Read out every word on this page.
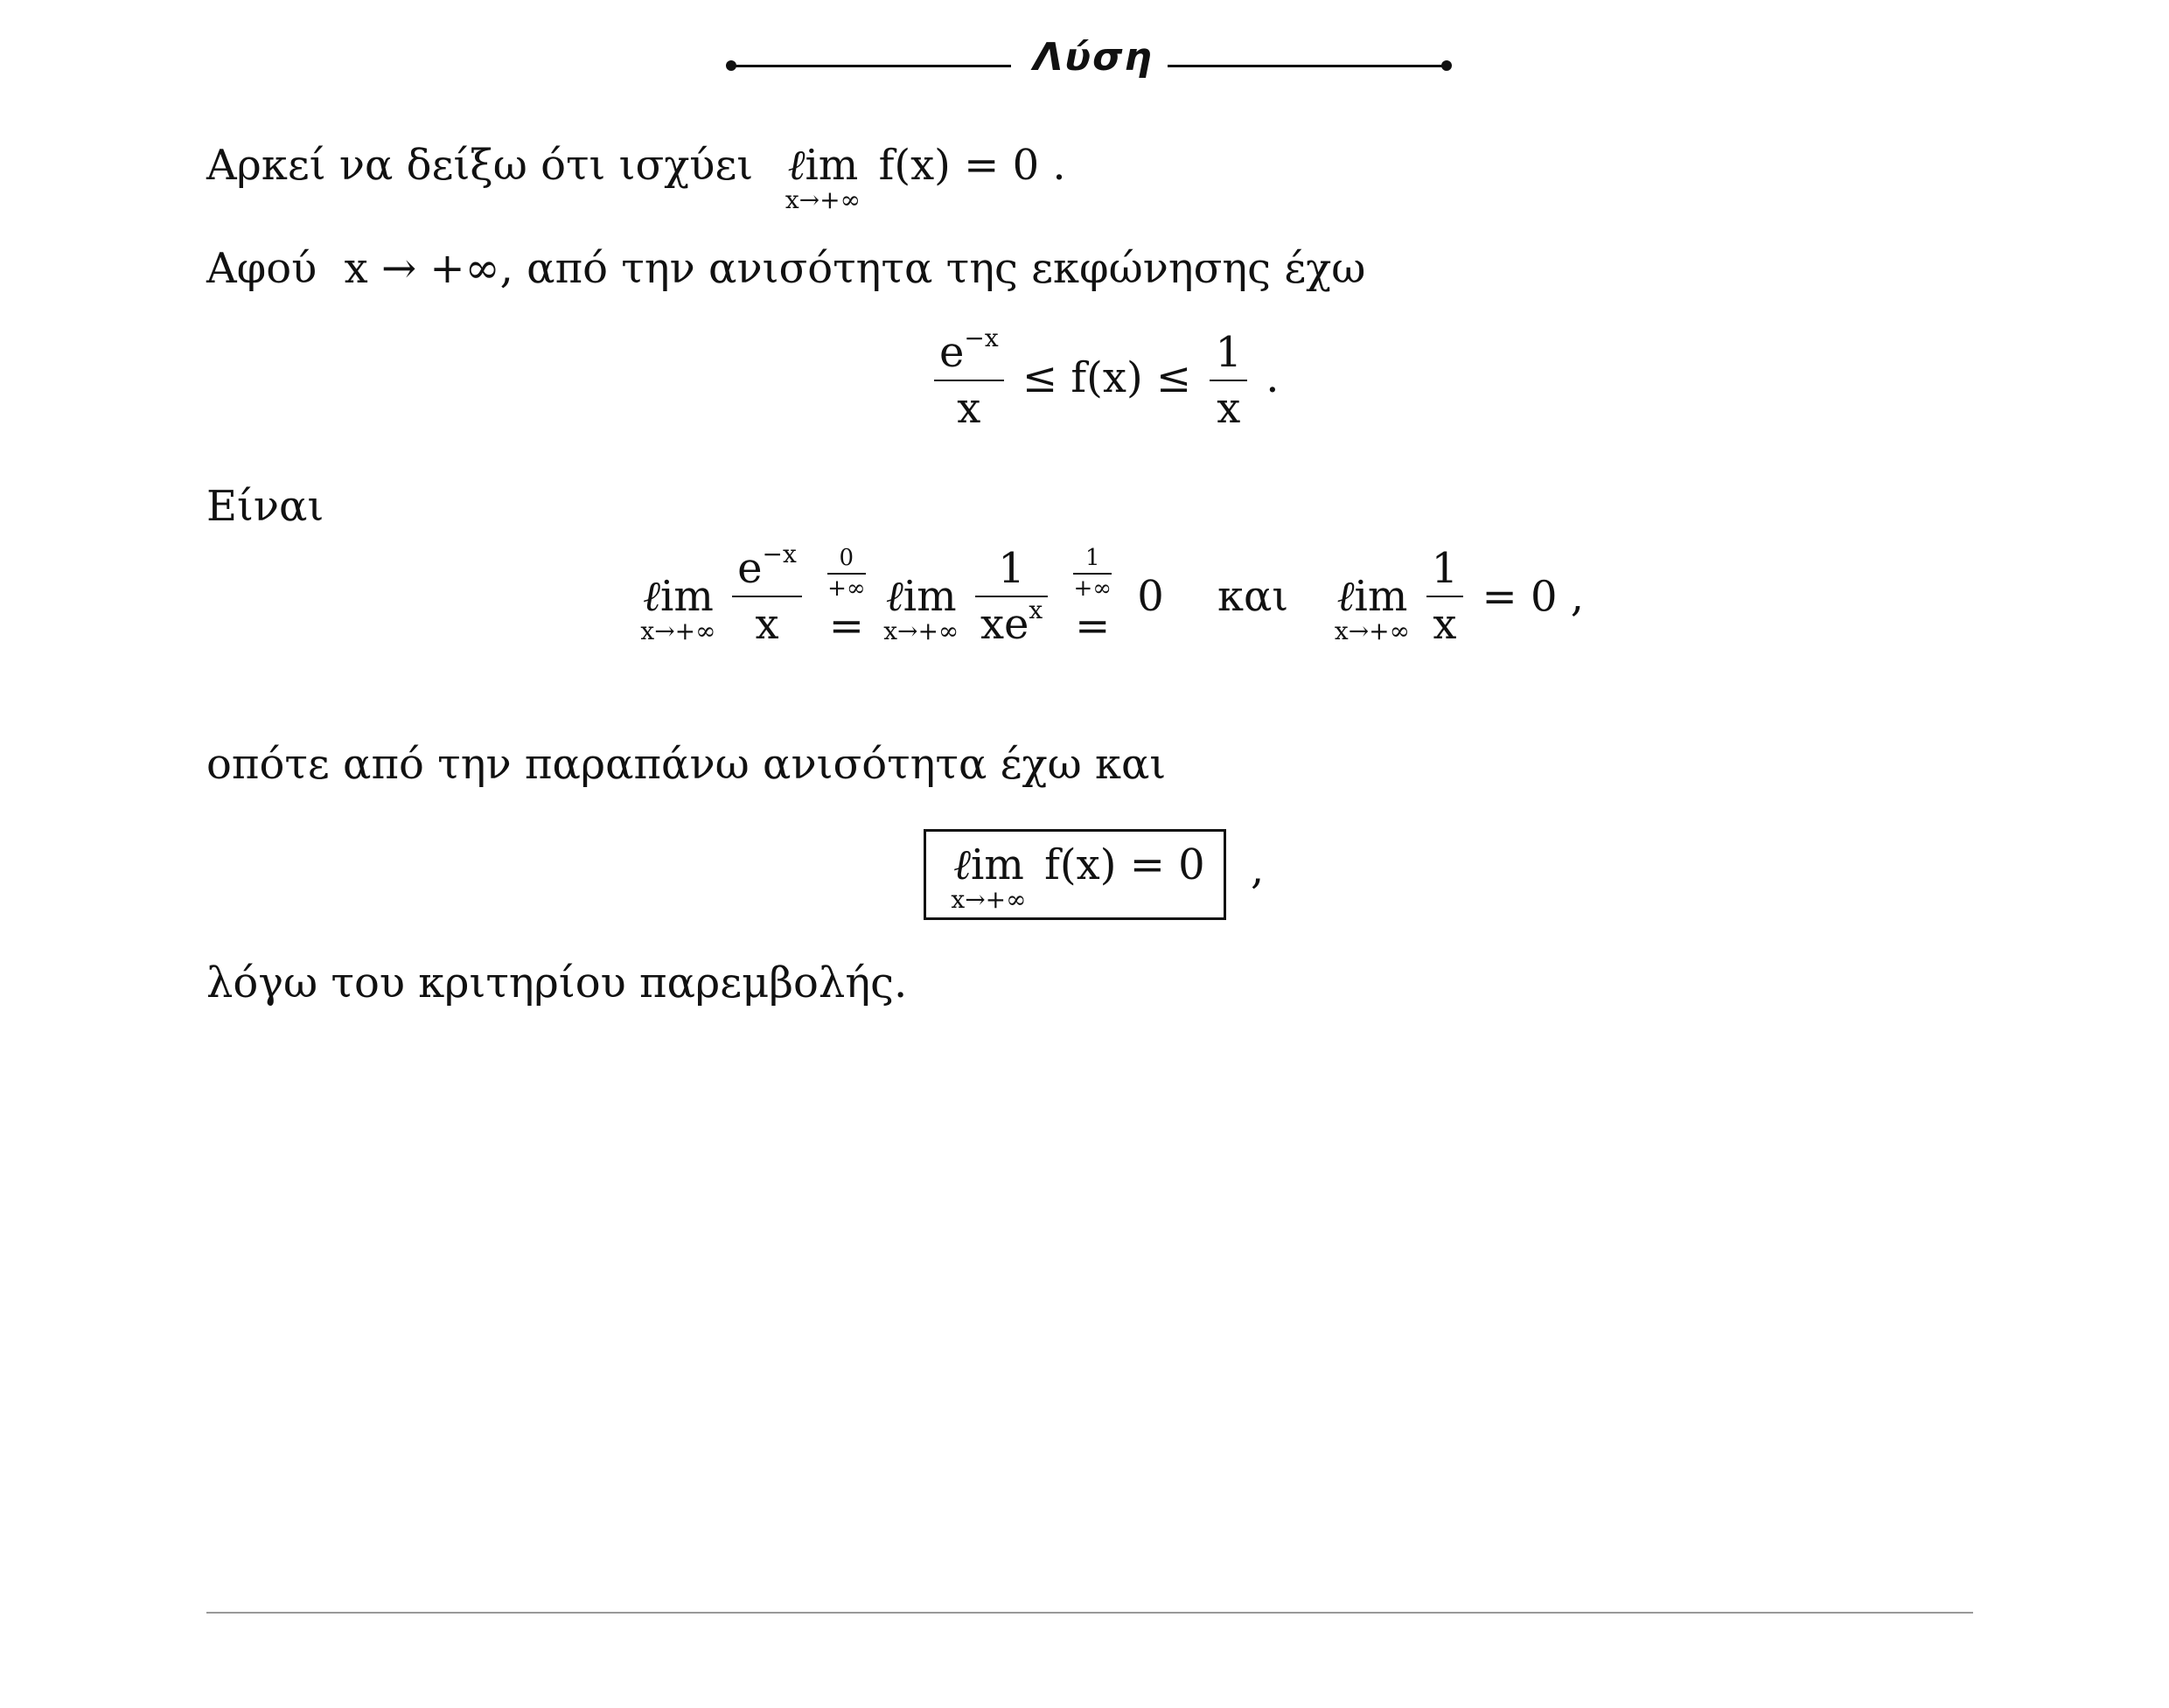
Λύση
Αρκεί να δείξω ότι ισχύει ℓim
x→+∞
f(x) = 0 .
Αφού x → +∞, από την ανισότητα της εκφώνησης έχω
$\frac{e^{-x}}{x} \le f(x) \le \frac{1}{x}$ .
Είναι
ℓim
x→+∞
$\frac{e^{-x}}{x}$
$\frac{0}{+\infty}$
=

ℓim
x→+∞
$\frac{1}{xe^x}$
$\frac{1}{+\infty}$
=
0 και ℓim
x→+∞
$\frac{1}{x} = 0$ ,
οπότε από την παραπάνω ανισότητα έχω και
ℓim
x→+∞
f(x) = 0 ,
λόγω του κριτηρίου παρεμβολής.
